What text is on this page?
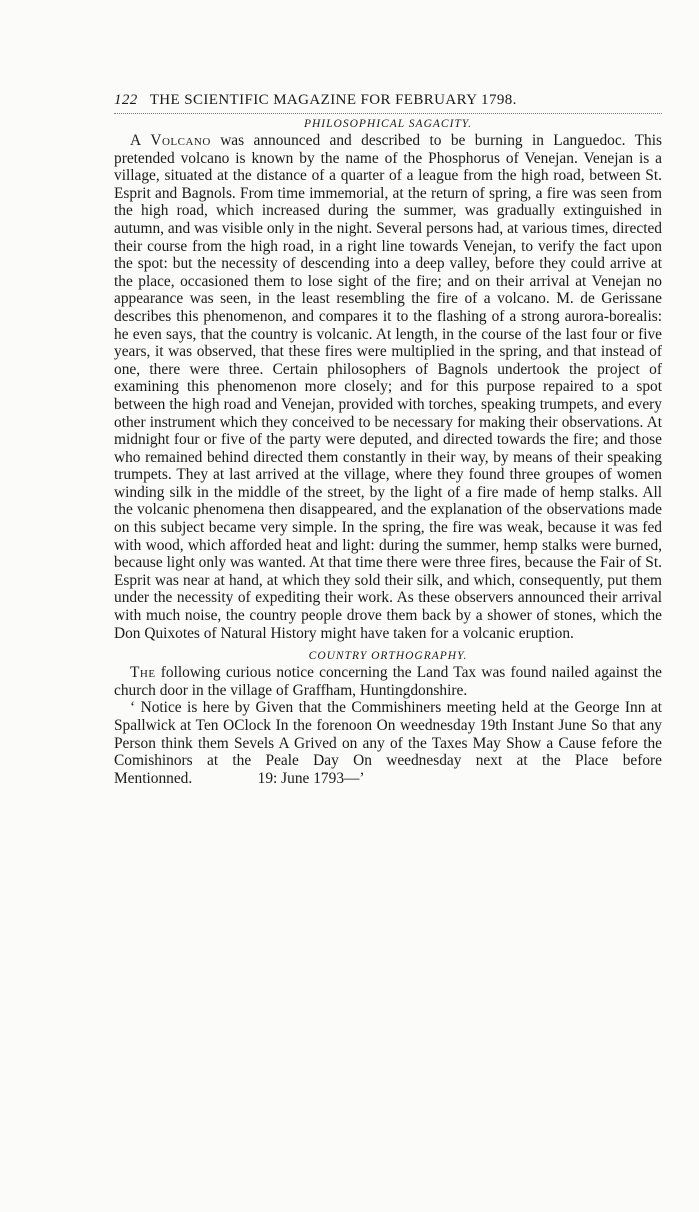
122 THE SCIENTIFIC MAGAZINE FOR FEBRUARY 1798.
PHILOSOPHICAL SAGACITY.

A Volcano was announced and described to be burning in Languedoc. This pretended volcano is known by the name of the Phosphorus of Venejan. Venejan is a village, situated at the distance of a quarter of a league from the high road, between St. Esprit and Bagnols. From time immemorial, at the return of spring, a fire was seen from the high road, which increased during the summer, was gradually extinguished in autumn, and was visible only in the night. Several persons had, at various times, directed their course from the high road, in a right line towards Venejan, to verify the fact upon the spot: but the necessity of descending into a deep valley, before they could arrive at the place, occasioned them to lose sight of the fire; and on their arrival at Venejan no appearance was seen, in the least resembling the fire of a volcano. M. de Gerissane describes this phenomenon, and compares it to the flashing of a strong aurora-borealis: he even says, that the country is volcanic. At length, in the course of the last four or five years, it was observed, that these fires were multiplied in the spring, and that instead of one, there were three. Certain philosophers of Bagnols undertook the project of examining this phenomenon more closely; and for this purpose repaired to a spot between the high road and Venejan, provided with torches, speaking trumpets, and every other instrument which they conceived to be necessary for making their observations. At midnight four or five of the party were deputed, and directed towards the fire; and those who remained behind directed them constantly in their way, by means of their speaking trumpets. They at last arrived at the village, where they found three groupes of women winding silk in the middle of the street, by the light of a fire made of hemp stalks. All the volcanic phenomena then disappeared, and the explanation of the observations made on this subject became very simple. In the spring, the fire was weak, because it was fed with wood, which afforded heat and light: during the summer, hemp stalks were burned, because light only was wanted. At that time there were three fires, because the Fair of St. Esprit was near at hand, at which they sold their silk, and which, consequently, put them under the necessity of expediting their work. As these observers announced their arrival with much noise, the country people drove them back by a shower of stones, which the Don Quixotes of Natural History might have taken for a volcanic eruption.

COUNTRY ORTHOGRAPHY.

The following curious notice concerning the Land Tax was found nailed against the church door in the village of Graffham, Huntingdonshire.

‘ Notice is here by Given that the Commishiners meeting held at the George Inn at Spallwick at Ten OClock In the forenoon On weednesday 19th Instant June So that any Person think them Sevels A Grived on any of the Taxes May Show a Cause fefore the Comishinors at the Peale Day On weednesday next at the Place before Mentionned.	19: June 1793—’
